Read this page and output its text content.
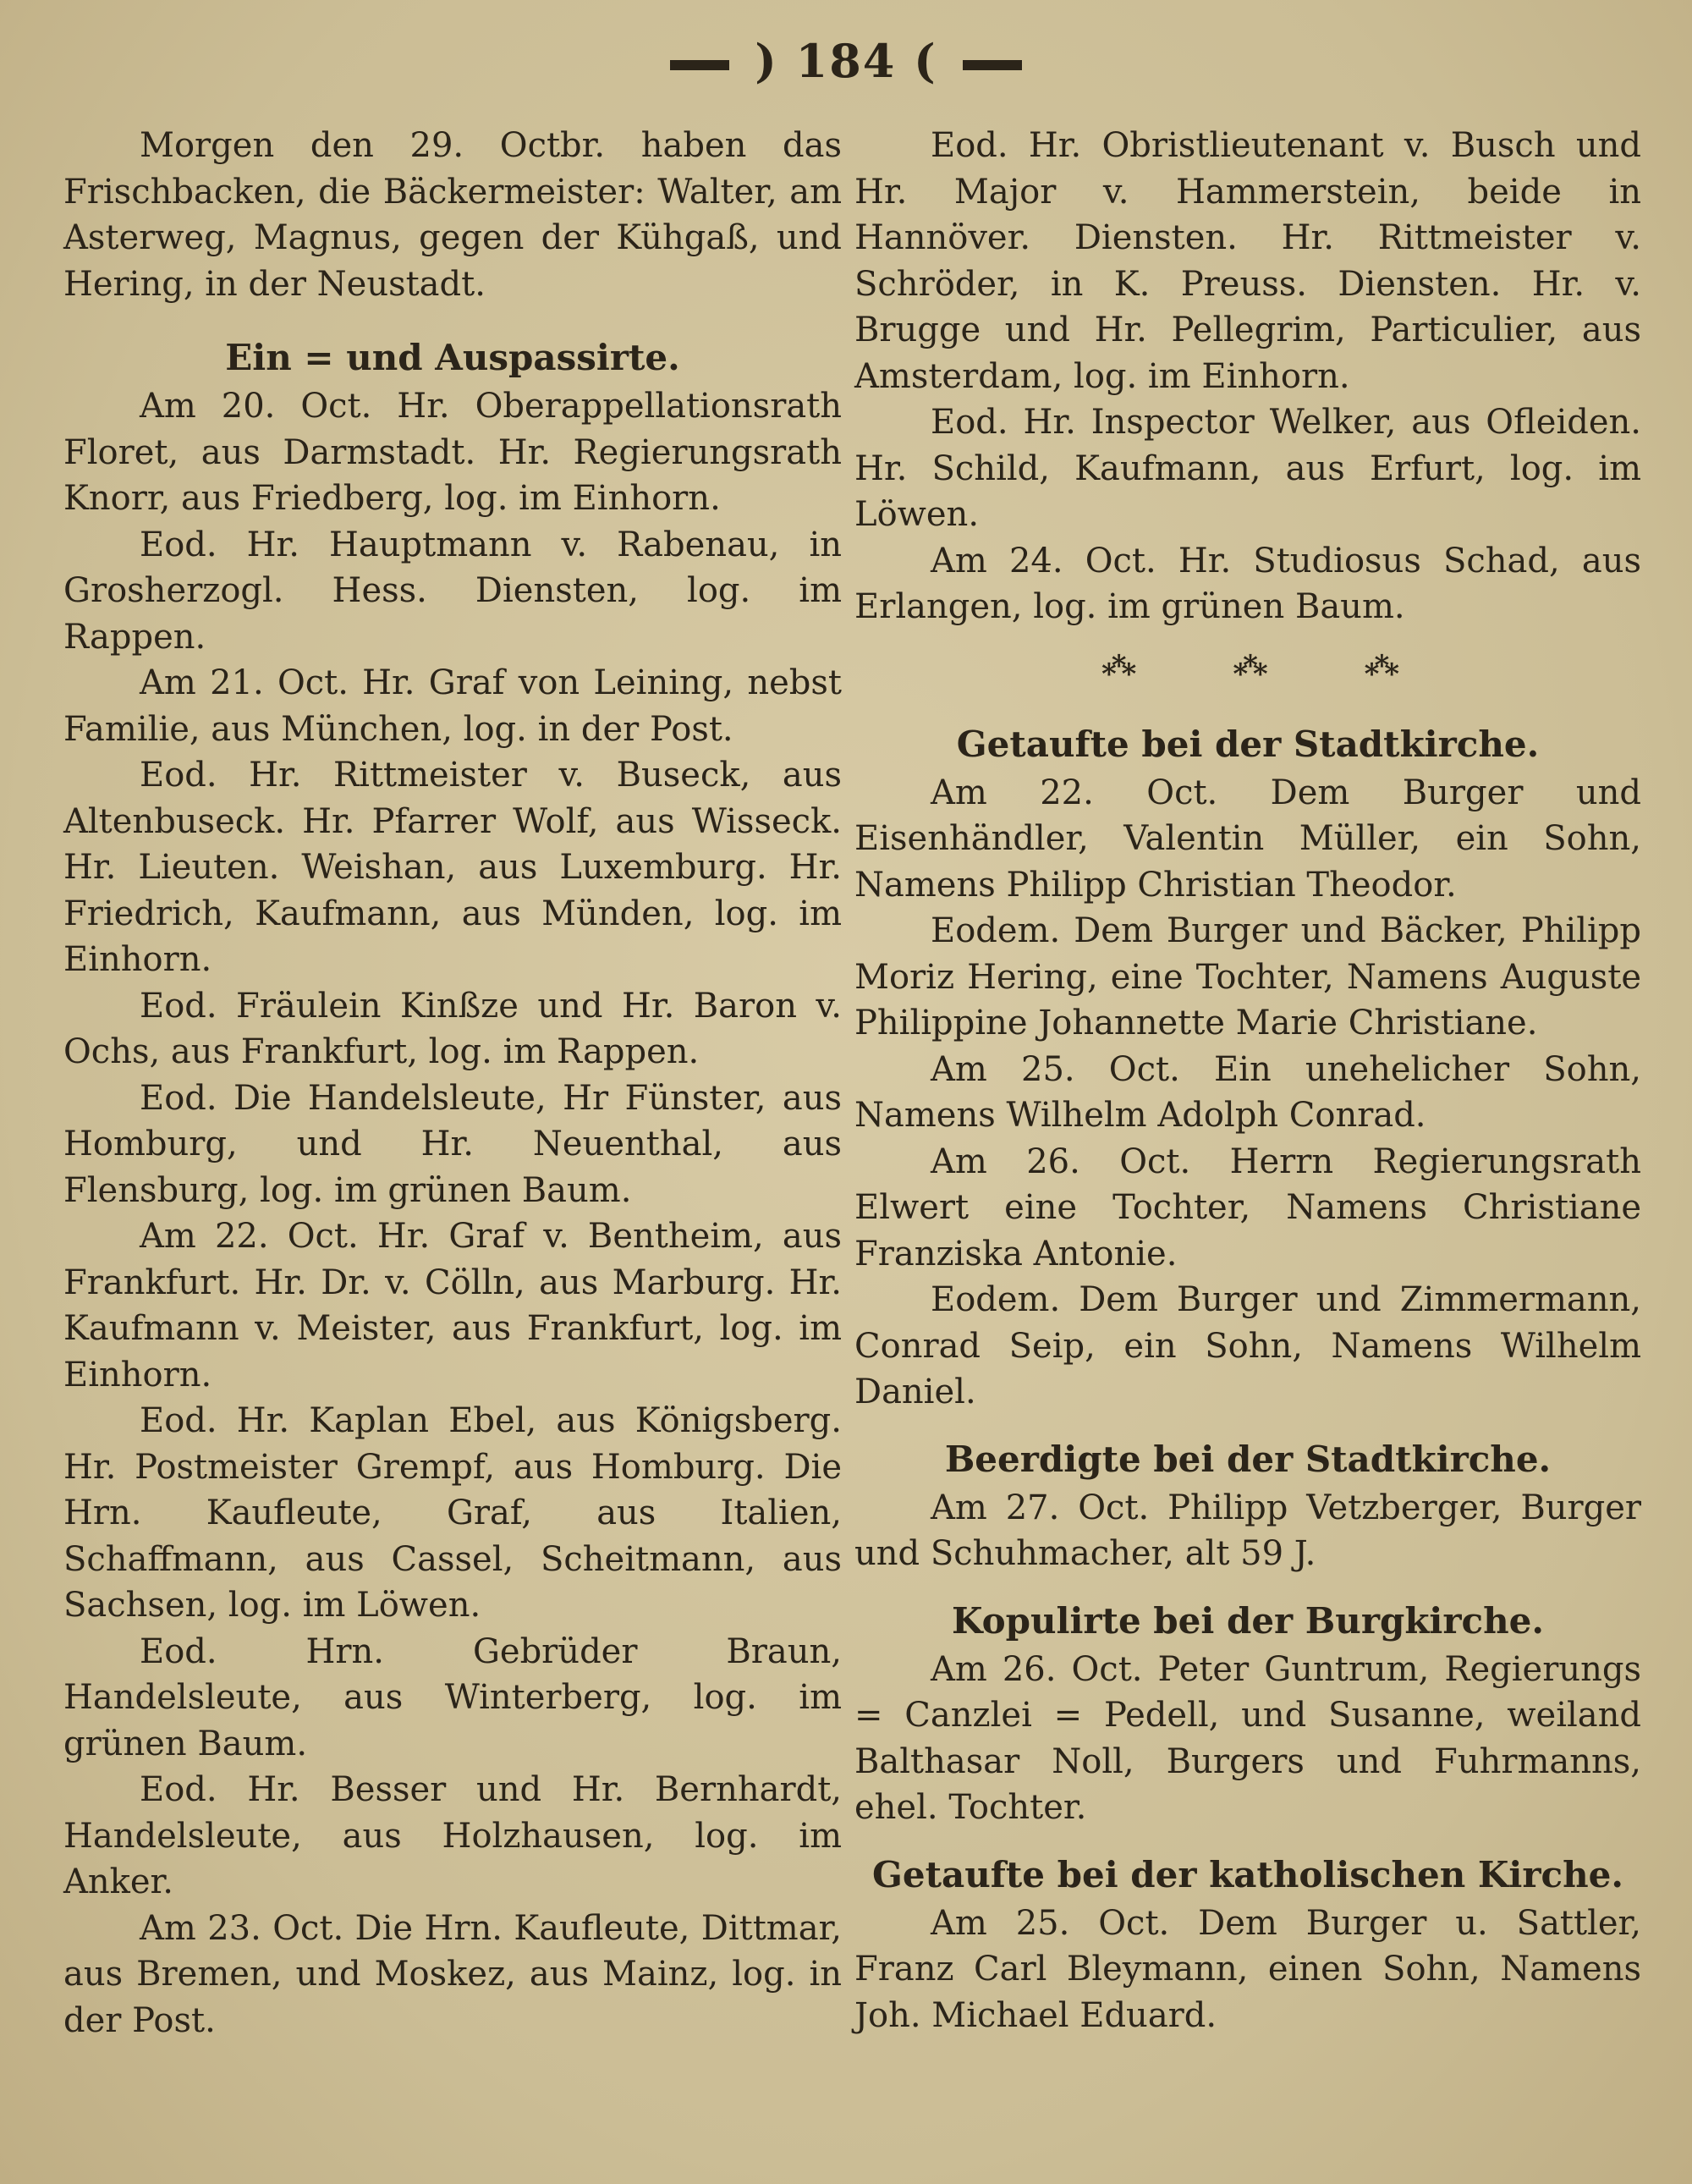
) 184 (

Morgen den 29. Octbr. haben das Frischbacken, die Bäckermeister: Walter, am Asterweg, Magnus, gegen der Kühgaß, und Hering, in der Neustadt.

Ein = und Auspassirte.

Am 20. Oct. Hr. Oberappellationsrath Floret, aus Darmstadt. Hr. Regierungsrath Knorr, aus Friedberg, log. im Einhorn.

Eod. Hr. Hauptmann v. Rabenau, in Grosherzogl. Hess. Diensten, log. im Rappen.

Am 21. Oct. Hr. Graf von Leining, nebst Familie, aus München, log. in der Post.

Eod. Hr. Rittmeister v. Buseck, aus Altenbuseck. Hr. Pfarrer Wolf, aus Wisseck. Hr. Lieuten. Weishan, aus Luxemburg. Hr. Friedrich, Kaufmann, aus Münden, log. im Einhorn.

Eod. Fräulein Kinßze und Hr. Baron v. Ochs, aus Frankfurt, log. im Rappen.

Eod. Die Handelsleute, Hr Fünster, aus Homburg, und Hr. Neuenthal, aus Flensburg, log. im grünen Baum.

Am 22. Oct. Hr. Graf v. Bentheim, aus Frankfurt. Hr. Dr. v. Cölln, aus Marburg. Hr. Kaufmann v. Meister, aus Frankfurt, log. im Einhorn.

Eod. Hr. Kaplan Ebel, aus Königsberg. Hr. Postmeister Grempf, aus Homburg. Die Hrn. Kaufleute, Graf, aus Italien, Schaffmann, aus Cassel, Scheitmann, aus Sachsen, log. im Löwen.

Eod. Hrn. Gebrüder Braun, Handelsleute, aus Winterberg, log. im grünen Baum.

Eod. Hr. Besser und Hr. Bernhardt, Handelsleute, aus Holzhausen, log. im Anker.

Am 23. Oct. Die Hrn. Kaufleute, Dittmar, aus Bremen, und Moskez, aus Mainz, log. in der Post.

Eod. Hr. Obristlieutenant v. Busch und Hr. Major v. Hammerstein, beide in Hannöver. Diensten. Hr. Rittmeister v. Schröder, in K. Preuss. Diensten. Hr. v. Brugge und Hr. Pellegrim, Particulier, aus Amsterdam, log. im Einhorn.

Eod. Hr. Inspector Welker, aus Ofleiden. Hr. Schild, Kaufmann, aus Erfurt, log. im Löwen.

Am 24. Oct. Hr. Studiosus Schad, aus Erlangen, log. im grünen Baum.

***	***	***
Getaufte bei der Stadtkirche.

Am 22. Oct. Dem Burger und Eisenhändler, Valentin Müller, ein Sohn, Namens Philipp Christian Theodor.

Eodem. Dem Burger und Bäcker, Philipp Moriz Hering, eine Tochter, Namens Auguste Philippine Johannette Marie Christiane.

Am 25. Oct. Ein unehelicher Sohn, Namens Wilhelm Adolph Conrad.

Am 26. Oct. Herrn Regierungsrath Elwert eine Tochter, Namens Christiane Franziska Antonie.

Eodem. Dem Burger und Zimmermann, Conrad Seip, ein Sohn, Namens Wilhelm Daniel.

Beerdigte bei der Stadtkirche.

Am 27. Oct. Philipp Vetzberger, Burger und Schuhmacher, alt 59 J.

Kopulirte bei der Burgkirche.

Am 26. Oct. Peter Guntrum, Regierungs = Canzlei = Pedell, und Susanne, weiland Balthasar Noll, Burgers und Fuhrmanns, ehel. Tochter.

Getaufte bei der katholischen Kirche.

Am 25. Oct. Dem Burger u. Sattler, Franz Carl Bleymann, einen Sohn, Namens Joh. Michael Eduard.
